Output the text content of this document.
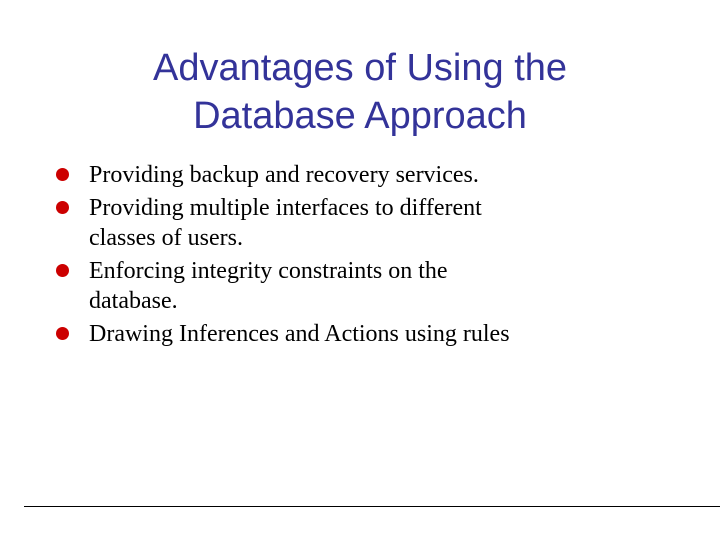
Advantages of Using the
Database Approach
Providing backup and recovery services.
Providing multiple interfaces to different
classes of users.
Enforcing integrity constraints on the
database.
Drawing Inferences and Actions using rules
